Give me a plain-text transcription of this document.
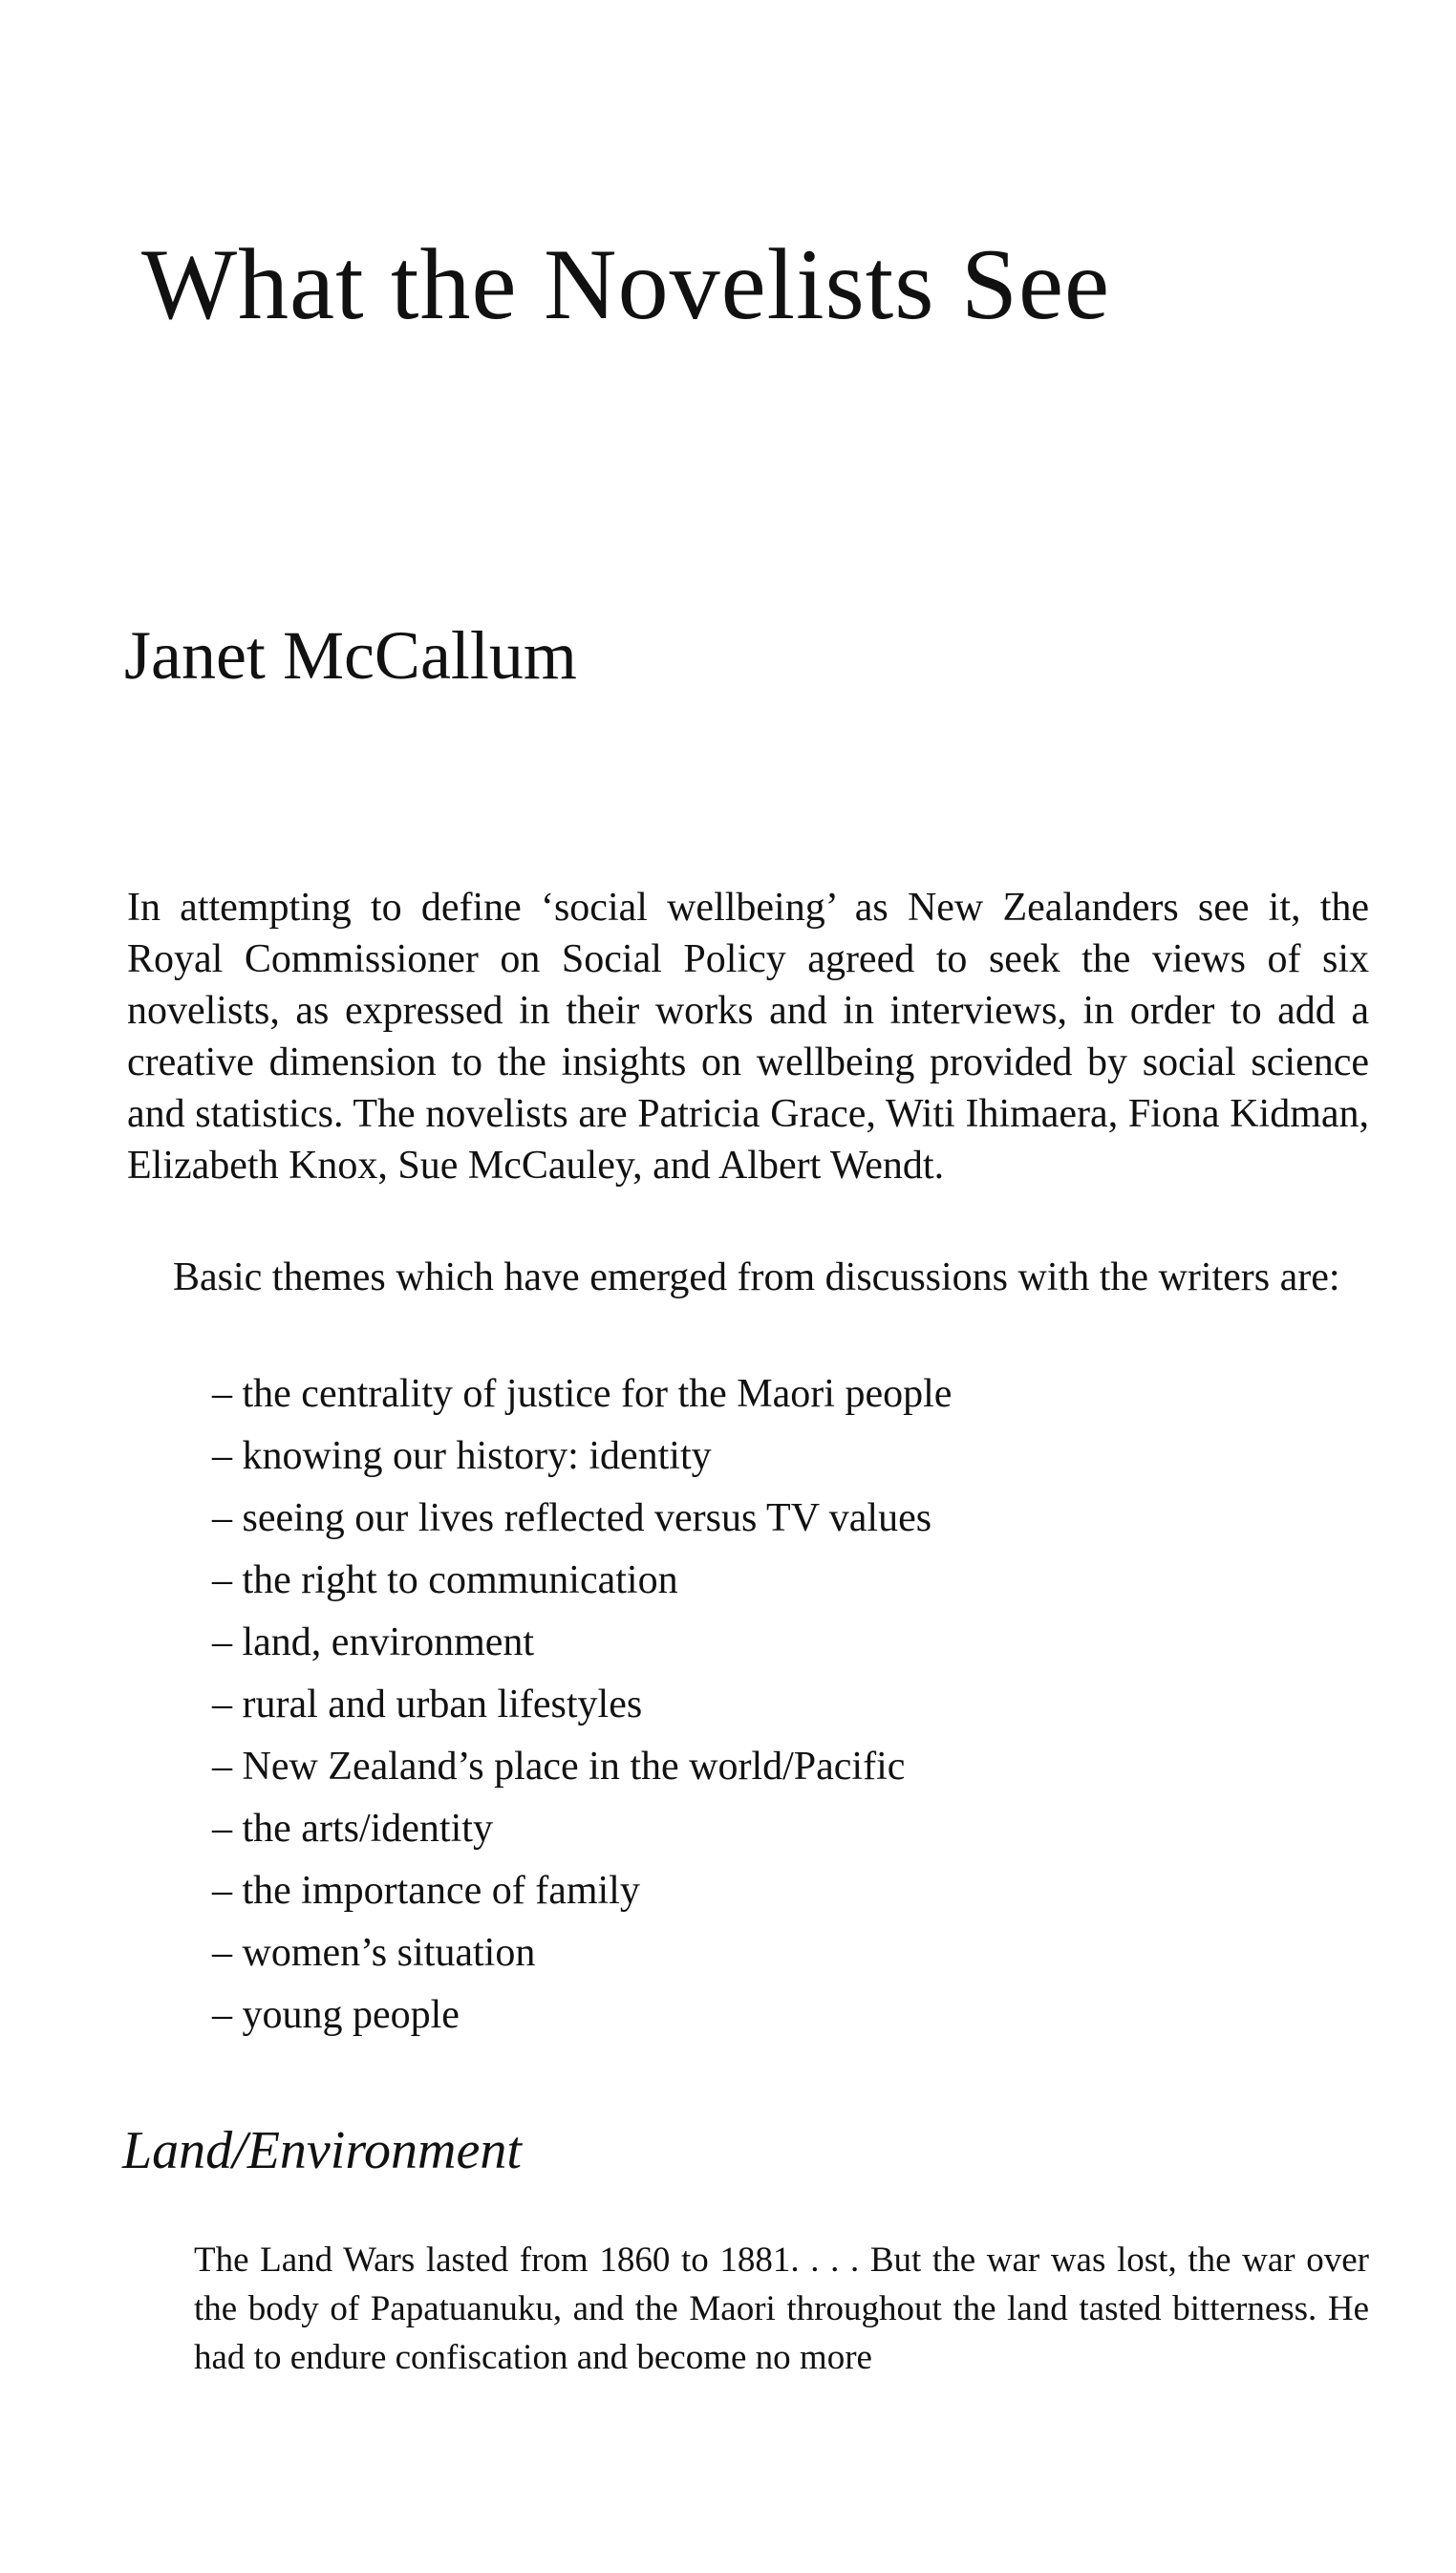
What the Novelists See
Janet McCallum

In attempting to define ‘social wellbeing’ as New Zealanders see it, the Royal Commissioner on Social Policy agreed to seek the views of six novelists, as expressed in their works and in interviews, in order to add a creative dimension to the insights on wellbeing provided by social science and statistics. The novelists are Patricia Grace, Witi Ihimaera, Fiona Kidman, Elizabeth Knox, Sue McCauley, and Albert Wendt.

Basic themes which have emerged from discussions with the writers are:

– the centrality of justice for the Maori people
– knowing our history: identity
– seeing our lives reflected versus TV values
– the right to communication
– land, environment
– rural and urban lifestyles
– New Zealand’s place in the world/Pacific
– the arts/identity
– the importance of family
– women’s situation
– young people
Land/Environment

The Land Wars lasted from 1860 to 1881. . . . But the war was lost, the war over the body of Papatuanuku, and the Maori throughout the land tasted bitterness. He had to endure confiscation and become no more
